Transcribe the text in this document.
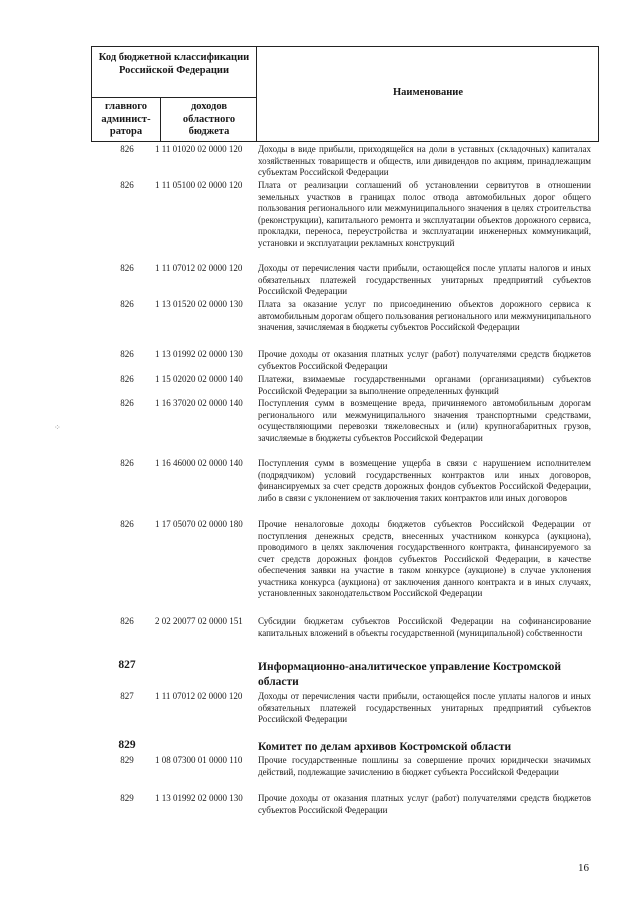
Код бюджетной классификации Российской Федерации
главного админист-ратора
доходов областного бюджета
Наименование
826	1 11 01020 02 0000 120	Доходы в виде прибыли, приходящейся на доли в уставных (складочных) капиталах хозяйственных товариществ и обществ, или дивидендов по акциям, принадлежащим субъектам Российской Федерации
826	1 11 05100 02 0000 120	Плата от реализации соглашений об установлении сервитутов в отношении земельных участков в границах полос отвода автомобильных дорог общего пользования регионального или межмуниципального значения в целях строительства (реконструкции), капитального ремонта и эксплуатации объектов дорожного сервиса, прокладки, переноса, переустройства и эксплуатации инженерных коммуникаций, установки и эксплуатации рекламных конструкций
826	1 11 07012 02 0000 120	Доходы от перечисления части прибыли, остающейся после уплаты налогов и иных обязательных платежей государственных унитарных предприятий субъектов Российской Федерации
826	1 13 01520 02 0000 130	Плата за оказание услуг по присоединению объектов дорожного сервиса к автомобильным дорогам общего пользования регионального или межмуниципального значения, зачисляемая в бюджеты субъектов Российской Федерации
826	1 13 01992 02 0000 130	Прочие доходы от оказания платных услуг (работ) получателями средств бюджетов субъектов Российской Федерации
826	1 15 02020 02 0000 140	Платежи, взимаемые государственными органами (организациями) субъектов Российской Федерации за выполнение определенных функций
826	1 16 37020 02 0000 140	Поступления сумм в возмещение вреда, причиняемого автомобильным дорогам регионального или межмуниципального значения транспортными средствами, осуществляющими перевозки тяжеловесных и (или) крупногабаритных грузов, зачисляемые в бюджеты субъектов Российской Федерации
826	1 16 46000 02 0000 140	Поступления сумм в возмещение ущерба в связи с нарушением исполнителем (подрядчиком) условий государственных контрактов или иных договоров, финансируемых за счет средств дорожных фондов субъектов Российской Федерации, либо в связи с уклонением от заключения таких контрактов или иных договоров
826	1 17 05070 02 0000 180	Прочие неналоговые доходы бюджетов субъектов Российской Федерации от поступления денежных средств, внесенных участником конкурса (аукциона), проводимого в целях заключения государственного контракта, финансируемого за счет средств дорожных фондов субъектов Российской Федерации, в качестве обеспечения заявки на участие в таком конкурсе (аукционе) в случае уклонения участника конкурса (аукциона) от заключения данного контракта и в иных случаях, установленных законодательством Российской Федерации
826	2 02 20077 02 0000 151	Субсидии бюджетам субъектов Российской Федерации на софинансирование капитальных вложений в объекты государственной (муниципальной) собственности
827	Информационно-аналитическое управление Костромской области
827	1 11 07012 02 0000 120	Доходы от перечисления части прибыли, остающейся после уплаты налогов и иных обязательных платежей государственных унитарных предприятий субъектов Российской Федерации
829	Комитет по делам архивов Костромской области
829	1 08 07300 01 0000 110	Прочие государственные пошлины за совершение прочих юридически значимых действий, подлежащие зачислению в бюджет субъекта Российской Федерации
829	1 13 01992 02 0000 130	Прочие доходы от оказания платных услуг (работ) получателями средств бюджетов субъектов Российской Федерации
⁘
16
